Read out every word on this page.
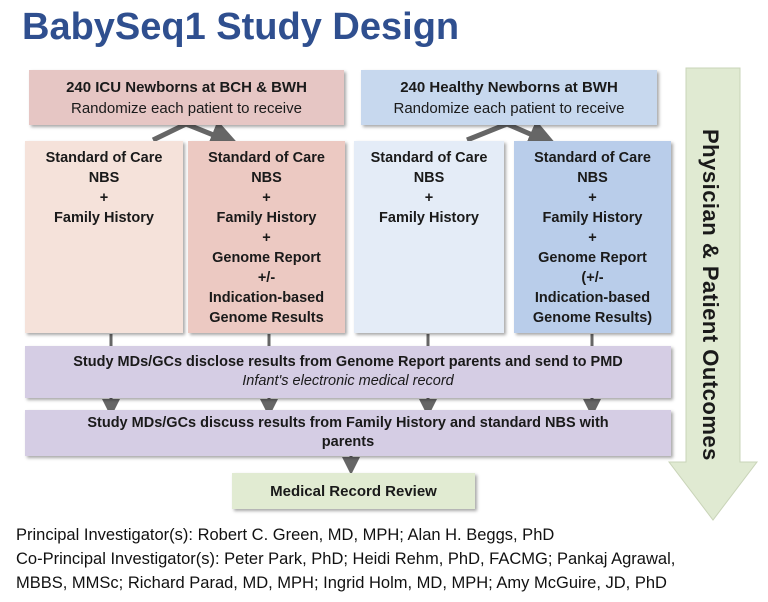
BabySeq1 Study Design
Physician & Patient Outcomes
240 ICU Newborns at BCH & BWH
Randomize each patient to receive
240 Healthy Newborns at BWH
Randomize each patient to receive
Standard of Care
NBS
+
Family History
Standard of Care
NBS
+
Family History
+
Genome Report
+/-
Indication-based
Genome Results
Standard of Care
NBS
+
Family History
Standard of Care
NBS
+
Family History
+
Genome Report
(+/-
Indication-based
Genome Results)
Study MDs/GCs disclose results from Genome Report parents and send to PMD
Infant's electronic medical record
Study MDs/GCs discuss results from Family History and standard NBS with
parents
Medical Record Review
Principal Investigator(s): Robert C. Green, MD, MPH; Alan H. Beggs, PhD
Co-Principal Investigator(s): Peter Park, PhD; Heidi Rehm, PhD, FACMG; Pankaj Agrawal,
MBBS, MMSc; Richard Parad, MD, MPH; Ingrid Holm, MD, MPH; Amy McGuire, JD, PhD
